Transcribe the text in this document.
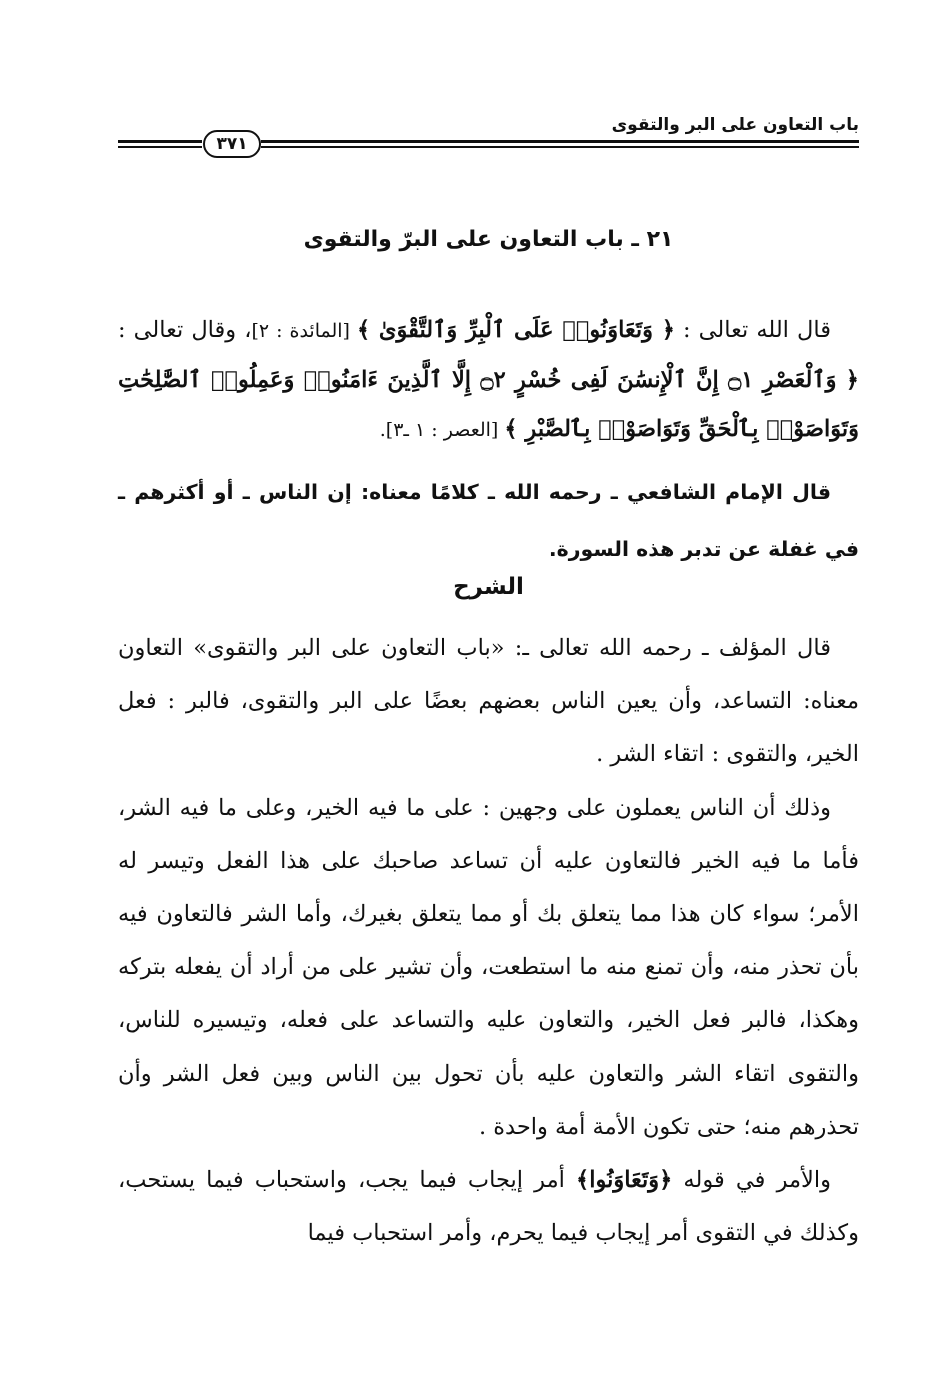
باب التعاون على البر والتقوى
٣٧١
٢١ ـ باب التعاون على البرّ والتقوى

قال الله تعالى : ﴿ وَتَعَاوَنُوا۟ عَلَى ٱلْبِرِّ وَٱلتَّقْوَىٰ ﴾ [المائدة : ٢]، وقال تعالى : ﴿ وَٱلْعَصْرِ ۝١ إِنَّ ٱلْإِنسَٰنَ لَفِى خُسْرٍ ۝٢ إِلَّا ٱلَّذِينَ ءَامَنُوا۟ وَعَمِلُوا۟ ٱلصَّٰلِحَٰتِ وَتَوَاصَوْا۟ بِٱلْحَقِّ وَتَوَاصَوْا۟ بِٱلصَّبْرِ ﴾ [العصر : ١ ـ٣].

قال الإمام الشافعي ـ رحمه الله ـ كلامًا معناه: إن الناس ـ أو أكثرهم ـ في غفلة عن تدبر هذه السورة.

الشرح

قال المؤلف ـ رحمه الله تعالى ـ: «باب التعاون على البر والتقوى» التعاون معناه: التساعد، وأن يعين الناس بعضهم بعضًا على البر والتقوى، فالبر : فعل الخير، والتقوى : اتقاء الشر .

وذلك أن الناس يعملون على وجهين : على ما فيه الخير، وعلى ما فيه الشر، فأما ما فيه الخير فالتعاون عليه أن تساعد صاحبك على هذا الفعل وتيسر له الأمر؛ سواء كان هذا مما يتعلق بك أو مما يتعلق بغيرك، وأما الشر فالتعاون فيه بأن تحذر منه، وأن تمنع منه ما استطعت، وأن تشير على من أراد أن يفعله بتركه وهكذا، فالبر فعل الخير، والتعاون عليه والتساعد على فعله، وتيسيره للناس، والتقوى اتقاء الشر والتعاون عليه بأن تحول بين الناس وبين فعل الشر وأن تحذرهم منه؛ حتى تكون الأمة أمة واحدة .

والأمر في قوله ﴿وَتَعَاوَنُوا﴾ أمر إيجاب فيما يجب، واستحباب فيما يستحب، وكذلك في التقوى أمر إيجاب فيما يحرم، وأمر استحباب فيما
